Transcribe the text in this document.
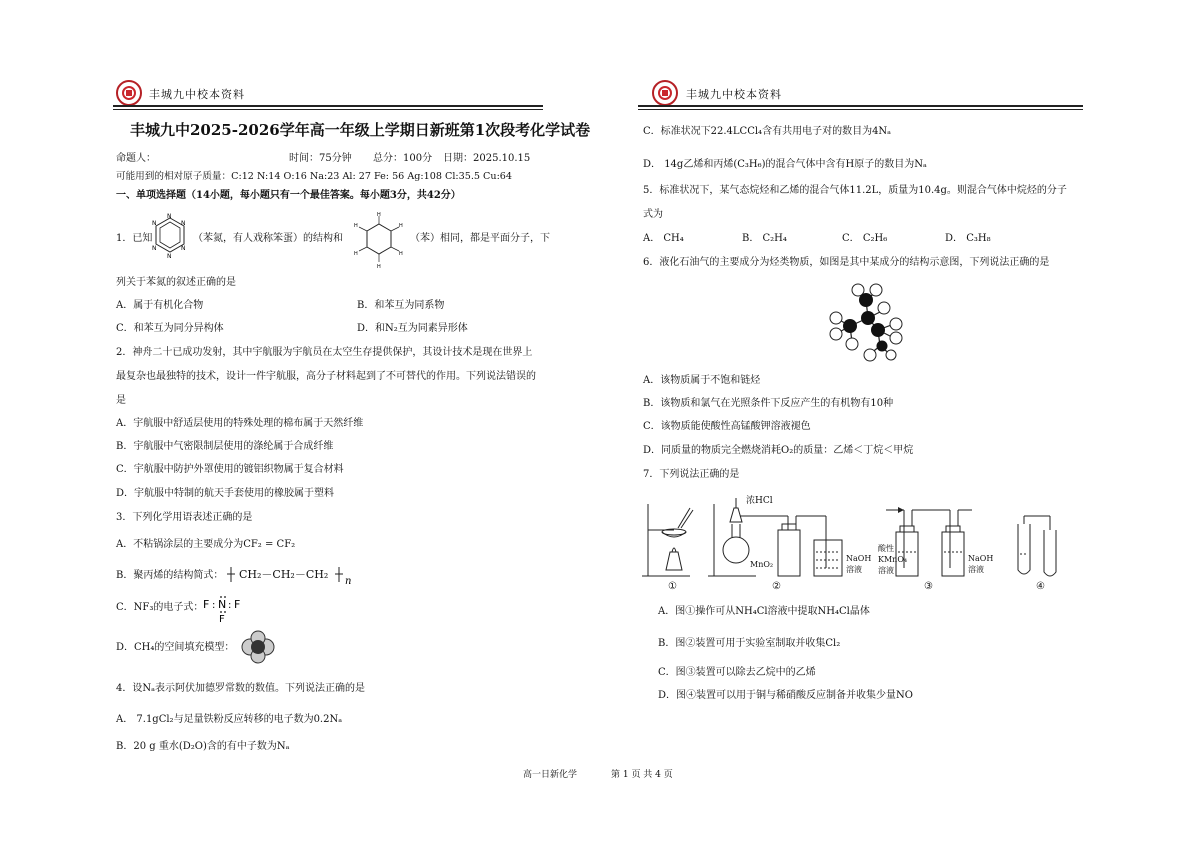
丰城九中校本资料
丰城九中2025-2026学年高一年级上学期日新班第1次段考化学试卷
命题人：	时间：75分钟 总分：100分 日期：2025.10.15
可能用到的相对原子质量：C:12 N:14 O:16 Na:23 Al: 27 Fe: 56 Ag:108 Cl:35.5 Cu:64
一、单项选择题（14小题，每小题只有一个最佳答案。每小题3分，共42分）
1．已知
N
N
N
N
N
N
（苯氮，有人戏称笨蛋）的结构和
H
H
H
H
H
H
（苯）相同，都是平面分子，下
列关于苯氮的叙述正确的是
A．属于有机化合物	B．和苯互为同系物
C．和苯互为同分异构体	D．和N₂互为同素异形体
2．神舟二十已成功发射，其中宇航服为宇航员在太空生存提供保护，其设计技术是现在世界上
最复杂也最独特的技术，设计一件宇航服，高分子材料起到了不可替代的作用。下列说法错误的
是
A．宇航服中舒适层使用的特殊处理的棉布属于天然纤维
B．宇航服中气密限制层使用的涤纶属于合成纤维
C．宇航服中防护外罩使用的镀铝织物属于复合材料
D．宇航服中特制的航天手套使用的橡胶属于塑料
3．下列化学用语表述正确的是
A．不粘锅涂层的主要成分为CF₂ = CF₂
B．聚丙烯的结构简式：
n
CH₂－CH₂－CH₂
C．NF₃的电子式： F : N : F
F
D．CH₄的空间填充模型：
4．设Nₐ表示阿伏加德罗常数的数值。下列说法正确的是
A． 7.1gCl₂与足量铁粉反应转移的电子数为0.2Nₐ
B．20 g 重水(D₂O)含的有中子数为Nₐ
丰城九中校本资料
C．标准状况下22.4LCCl₄含有共用电子对的数目为4Nₐ
D． 14g乙烯和丙烯(C₃H₆)的混合气体中含有H原子的数目为Nₐ
5．标准状况下，某气态烷烃和乙烯的混合气体11.2L，质量为10.4g。则混合气体中烷烃的分子
式为
A． CH₄	B． C₂H₄	C． C₂H₆	D． C₃H₈
6．液化石油气的主要成分为烃类物质，如图是其中某成分的结构示意图，下列说法正确的是
A．该物质属于不饱和链烃
B．该物质和氯气在光照条件下反应产生的有机物有10种
C．该物质能使酸性高锰酸钾溶液褪色
D．同质量的物质完全燃烧消耗O₂的质量：乙烯＜丁烷＜甲烷
7．下列说法正确的是
浓HCl
MnO₂
NaOH
溶液
酸性
KMnO₄
溶液
NaOH
溶液
①	②	③	④
A．图①操作可从NH₄Cl溶液中提取NH₄Cl晶体
B．图②装置可用于实验室制取并收集Cl₂
C．图③装置可以除去乙烷中的乙烯
D．图④装置可以用于铜与稀硝酸反应制备并收集少量NO
高一日新化学	第 1 页 共 4 页
